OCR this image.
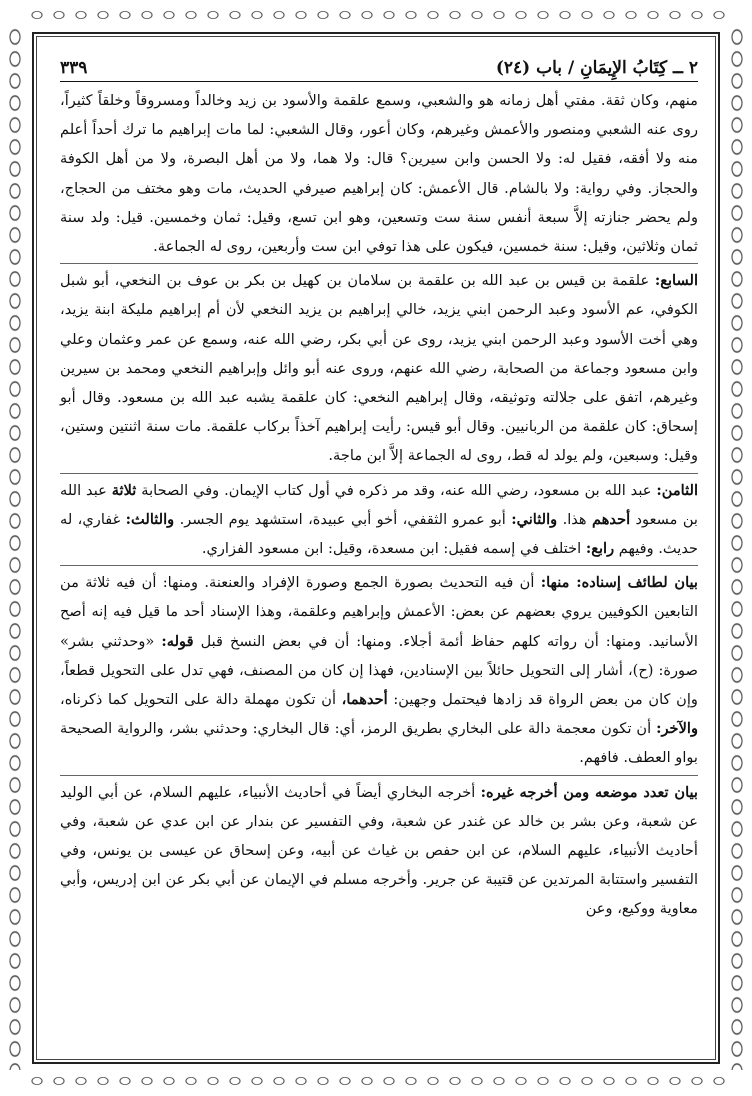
٢ ــ كِتَابُ الإِيمَانِ / باب (٢٤)
٣٣٩

منهم، وكان ثقة. مفتي أهل زمانه هو والشعبي، وسمع علقمة والأسود بن زيد وخالداً ومسروقاً وخلقاً كثيراً، روى عنه الشعبي ومنصور والأعمش وغيرهم، وكان أعور، وقال الشعبي: لما مات إبراهيم ما ترك أحداً أعلم منه ولا أفقه، فقيل له: ولا الحسن وابن سيرين؟ قال: ولا هما، ولا من أهل البصرة، ولا من أهل الكوفة والحجاز. وفي رواية: ولا بالشام. قال الأعمش: كان إبراهيم صيرفي الحديث، مات وهو مختف من الحجاج، ولم يحضر جنازته إلاَّ سبعة أنفس سنة ست وتسعين، وهو ابن تسع، وقيل: ثمان وخمسين. قيل: ولد سنة ثمان وثلاثين، وقيل: سنة خمسين، فيكون على هذا توفي ابن ست وأربعين، روى له الجماعة.

السابع: علقمة بن قيس بن عبد الله بن علقمة بن سلامان بن كهيل بن بكر بن عوف بن النخعي، أبو شبل الكوفي، عم الأسود وعبد الرحمن ابني يزيد، خالي إبراهيم بن يزيد النخعي لأن أم إبراهيم مليكة ابنة يزيد، وهي أخت الأسود وعبد الرحمن ابني يزيد، روى عن أبي بكر، رضي الله عنه، وسمع عن عمر وعثمان وعلي وابن مسعود وجماعة من الصحابة، رضي الله عنهم، وروى عنه أبو وائل وإبراهيم النخعي ومحمد بن سيرين وغيرهم، اتفق على جلالته وتوثيقه، وقال إبراهيم النخعي: كان علقمة يشبه عبد الله بن مسعود. وقال أبو إسحاق: كان علقمة من الربانيين. وقال أبو قيس: رأيت إبراهيم آخذاً بركاب علقمة. مات سنة اثنتين وستين، وقيل: وسبعين، ولم يولد له قط، روى له الجماعة إلاَّ ابن ماجة.

الثامن: عبد الله بن مسعود، رضي الله عنه، وقد مر ذكره في أول كتاب الإيمان. وفي الصحابة ثلاثة عبد الله بن مسعود أحدهم هذا. والثاني: أبو عمرو الثقفي، أخو أبي عبيدة، استشهد يوم الجسر. والثالث: غفاري، له حديث. وفيهم رابع: اختلف في إسمه فقيل: ابن مسعدة، وقيل: ابن مسعود الفزاري.

بيان لطائف إسناده: منها: أن فيه التحديث بصورة الجمع وصورة الإفراد والعنعنة. ومنها: أن فيه ثلاثة من التابعين الكوفيين يروي بعضهم عن بعض: الأعمش وإبراهيم وعلقمة، وهذا الإسناد أحد ما قيل فيه إنه أصح الأسانيد. ومنها: أن رواته كلهم حفاظ أئمة أجلاء. ومنها: أن في بعض النسخ قبل قوله: «وحدثني بشر» صورة: (ح)، أشار إلى التحويل حائلاً بين الإسنادين، فهذا إن كان من المصنف، فهي تدل على التحويل قطعاً، وإن كان من بعض الرواة قد زادها فيحتمل وجهين: أحدهما، أن تكون مهملة دالة على التحويل كما ذكرناه، والآخر: أن تكون معجمة دالة على البخاري بطريق الرمز، أي: قال البخاري: وحدثني بشر، والرواية الصحيحة بواو العطف. فافهم.

بيان تعدد موضعه ومن أخرجه غيره: أخرجه البخاري أيضاً في أحاديث الأنبياء، عليهم السلام، عن أبي الوليد عن شعبة، وعن بشر بن خالد عن غندر عن شعبة، وفي التفسير عن بندار عن ابن عدي عن شعبة، وفي أحاديث الأنبياء، عليهم السلام، عن ابن حفص بن غياث عن أبيه، وعن إسحاق عن عيسى بن يونس، وفي التفسير واستتابة المرتدين عن قتيبة عن جرير. وأخرجه مسلم في الإيمان عن أبي بكر عن ابن إدريس، وأبي معاوية ووكيع، وعن
